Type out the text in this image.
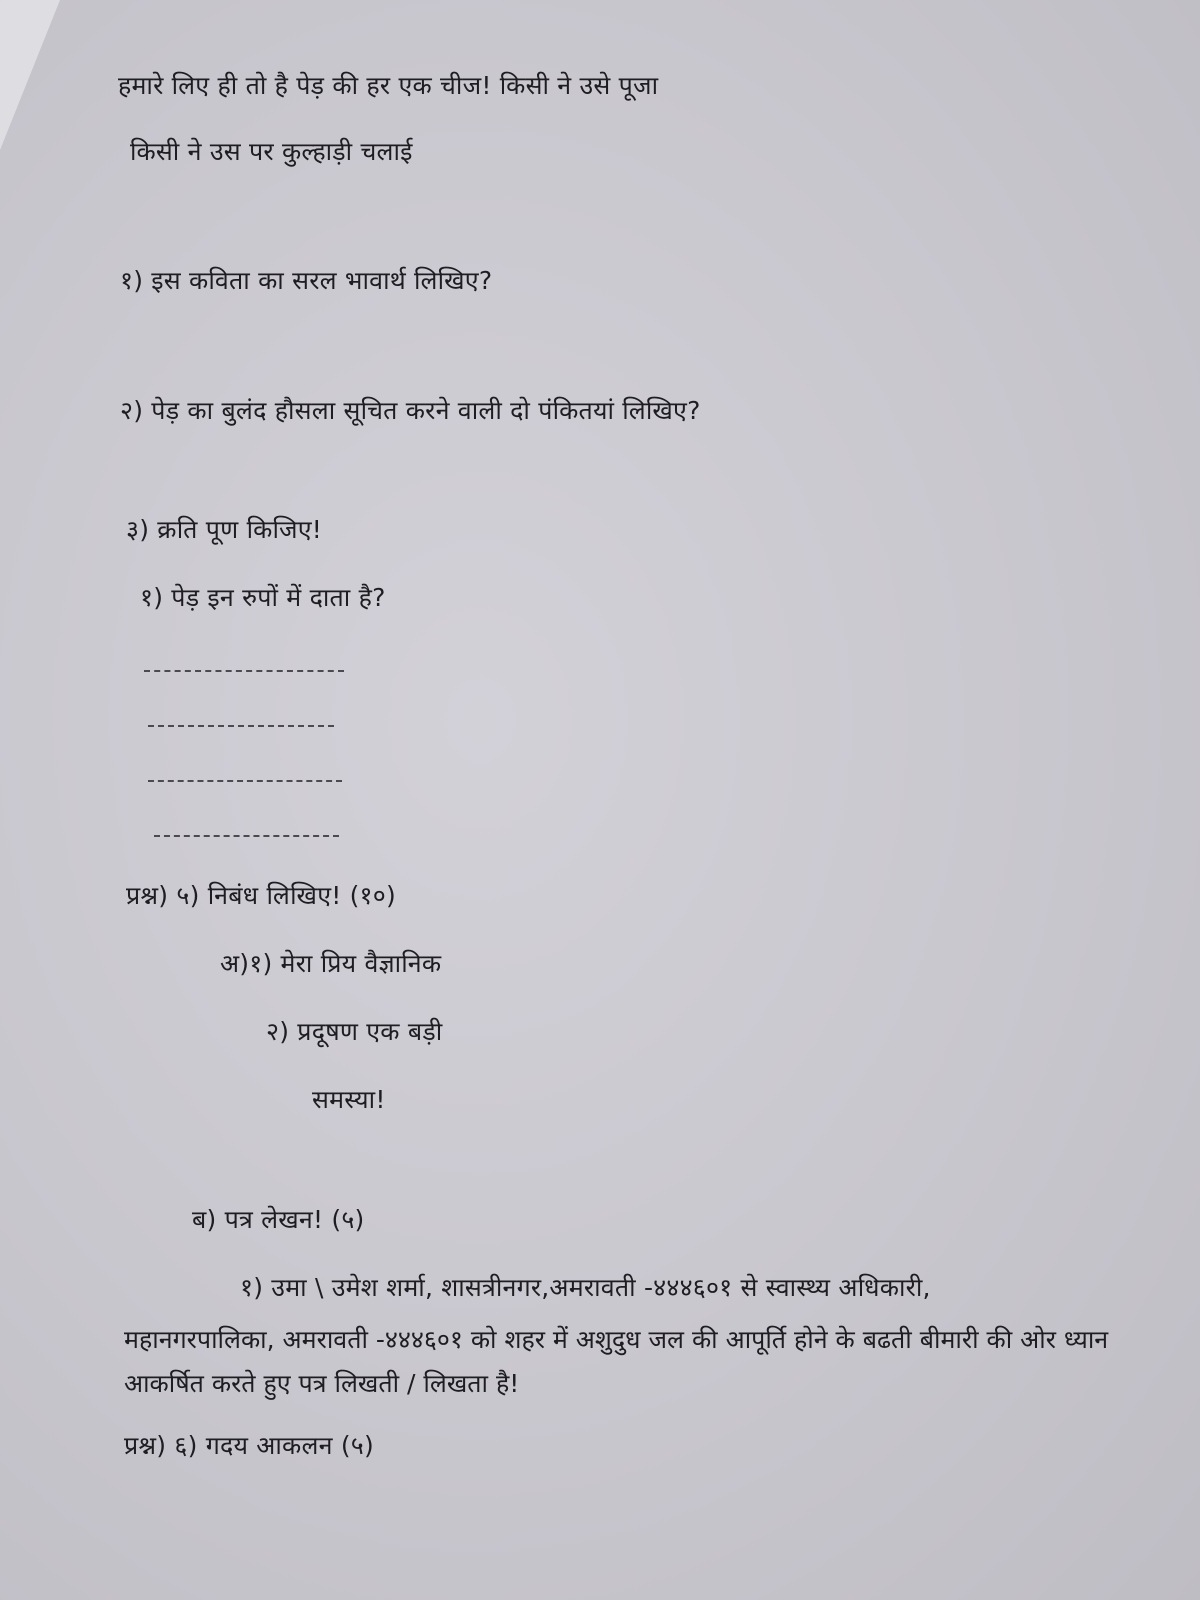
हमारे लिए ही तो है पेड़ की हर एक चीज! किसी ने उसे पूजा
किसी ने उस पर कुल्हाड़ी चलाई
१) इस कविता का सरल भावार्थ लिखिए?
२) पेड़ का बुलंद हौसला सूचित करने वाली दो पंकितयां लिखिए?
३) क्रति पूण किजिए!
१) पेड़ इन रुपों में दाता है?
प्रश्न) ५) निबंध लिखिए! (१०)
अ)१) मेरा प्रिय वैज्ञानिक
२) प्रदूषण एक बड़ी
समस्या!
ब) पत्र लेखन! (५)
१) उमा \ उमेश शर्मा, शासत्रीनगर,अमरावती -४४४६०१ से स्वास्थ्य अधिकारी,
महानगरपालिका, अमरावती -४४४६०१ को शहर में अशुदुध जल की आपूर्ति होने के बढती बीमारी की ओर ध्यान आकर्षित करते हुए पत्र लिखती / लिखता है!
प्रश्न) ६) गदय आकलन (५)
